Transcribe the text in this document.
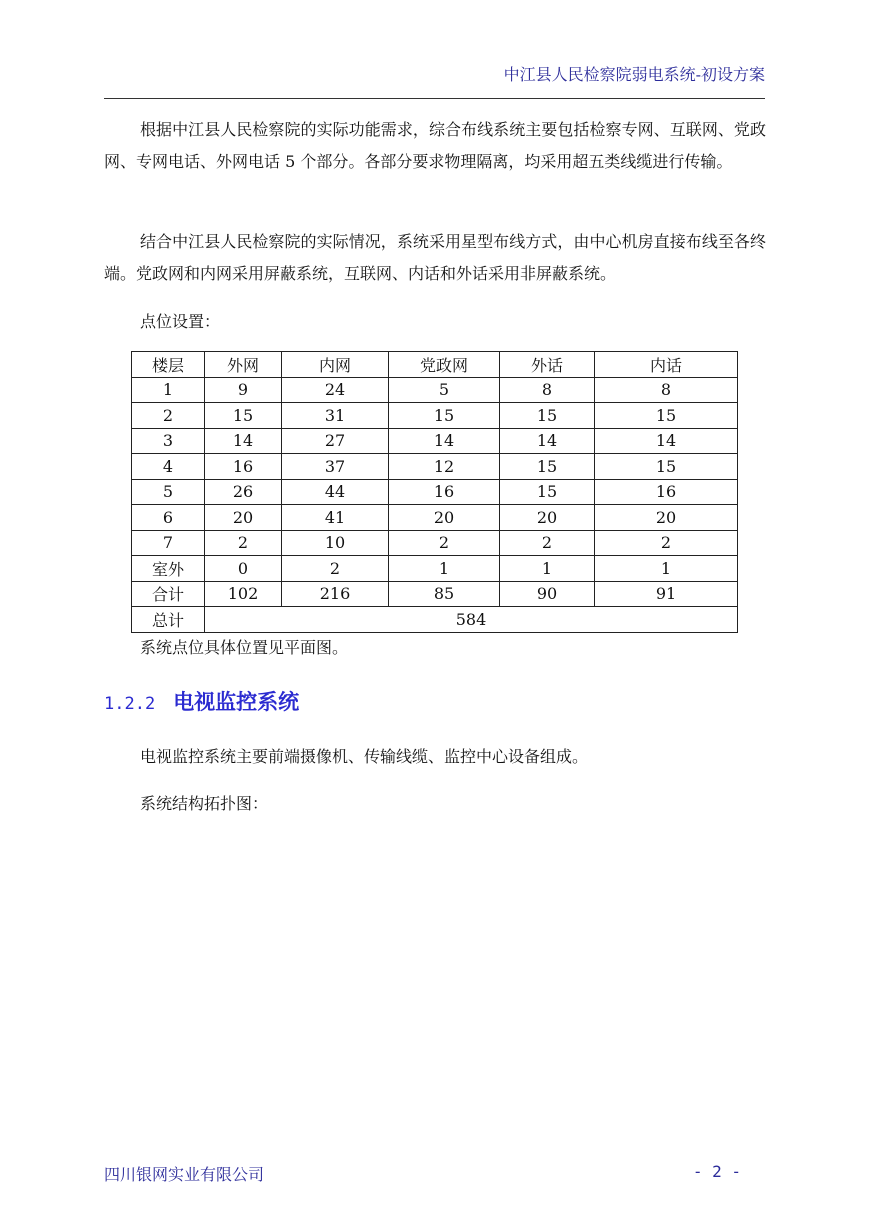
中江县人民检察院弱电系统-初设方案
根据中江县人民检察院的实际功能需求，综合布线系统主要包括检察专网、互联网、党政网、专网电话、外网电话 5 个部分。各部分要求物理隔离，均采用超五类线缆进行传输。
结合中江县人民检察院的实际情况，系统采用星型布线方式，由中心机房直接布线至各终端。党政网和内网采用屏蔽系统，互联网、内话和外话采用非屏蔽系统。
点位设置：
楼层	外网	内网	党政网	外话	内话
1	9	24	5	8	8
2	15	31	15	15	15
3	14	27	14	14	14
4	16	37	12	15	15
5	26	44	16	15	16
6	20	41	20	20	20
7	2	10	2	2	2
室外	0	2	1	1	1
合计	102	216	85	90	91
总计	584				
系统点位具体位置见平面图。
1.2.2 电视监控系统
电视监控系统主要前端摄像机、传输线缆、监控中心设备组成。
系统结构拓扑图：
四川银网实业有限公司	- 2 -
